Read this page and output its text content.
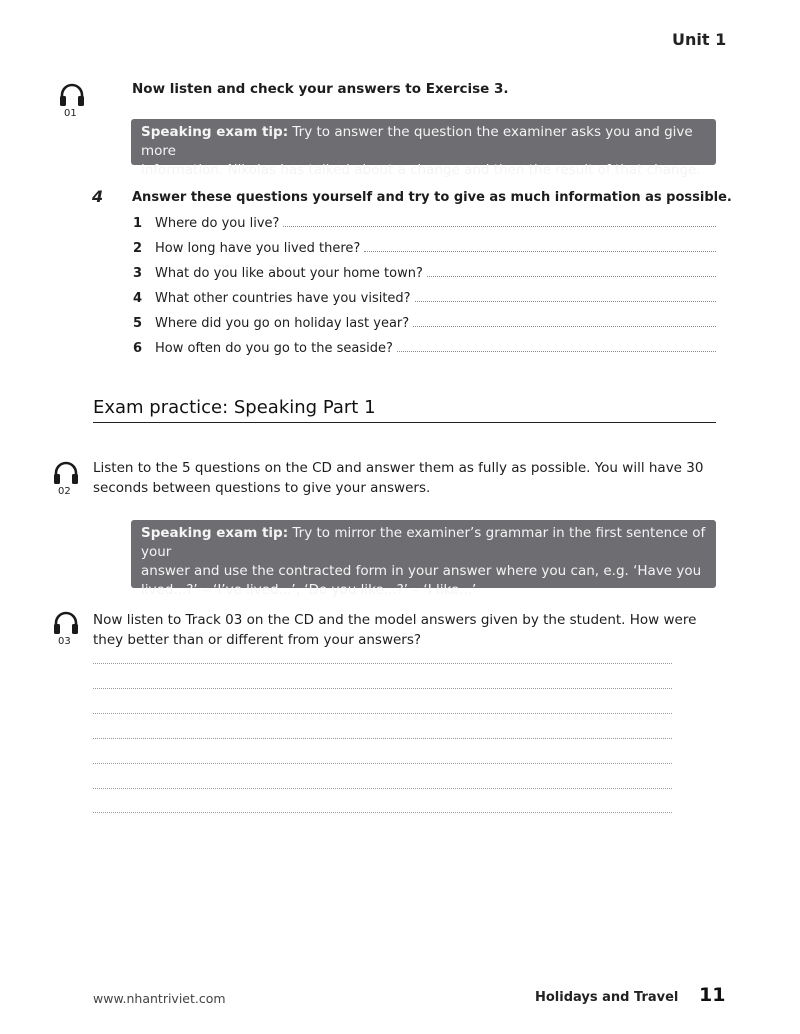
Unit 1
01
Now listen and check your answers to Exercise 3.
Speaking exam tip: Try to answer the question the examiner asks you and give more
information. Nikolas has talked about a change and then the result of that change.
4 Answer these questions yourself and try to give as much information as possible.
1 Where do you live?
2 How long have you lived there?
3 What do you like about your home town?
4 What other countries have you visited?
5 Where did you go on holiday last year?
6 How often do you go to the seaside?
Exam practice: Speaking Part 1
02
Listen to the 5 questions on the CD and answer them as fully as possible. You will have 30
seconds between questions to give your answers.
Speaking exam tip: Try to mirror the examiner’s grammar in the first sentence of your
answer and use the contracted form in your answer where you can, e.g. ‘Have you
lived...?’ – ‘I’ve lived...’, ‘Do you like...?’ – ‘I like...’
03
Now listen to Track 03 on the CD and the model answers given by the student. How were
they better than or different from your answers?
www.nhantriviet.com	Holidays and Travel 11
